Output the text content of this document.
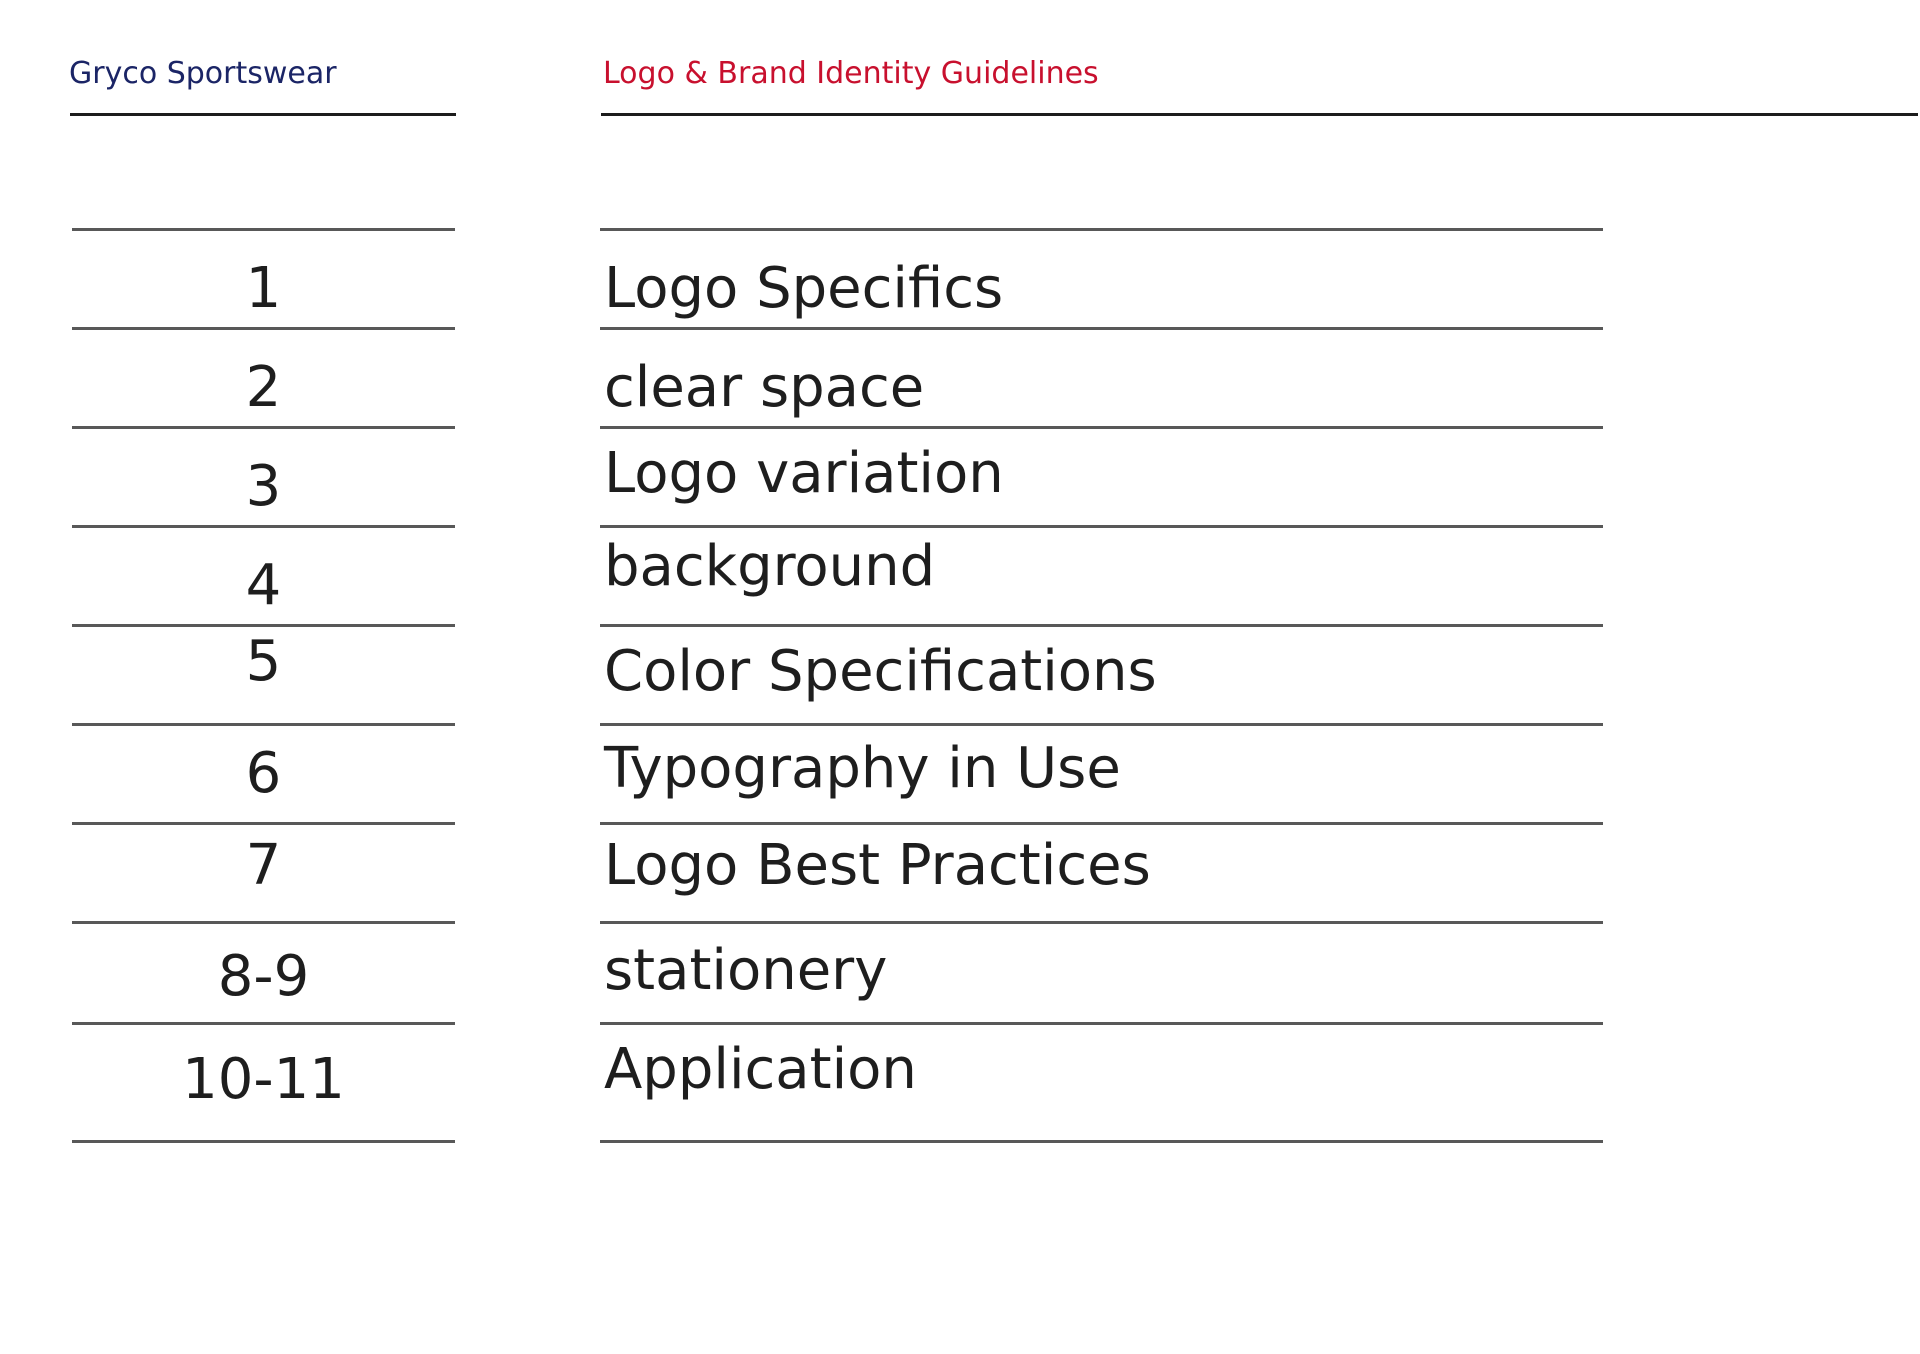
Gryco Sportswear	Logo & Brand Identity Guidelines
1	Logo Specifics
2	clear space
3	Logo variation
4	background
5	Color Specifications
6	Typography in Use
7	Logo Best Practices
8-9	stationery
10-11	Application
